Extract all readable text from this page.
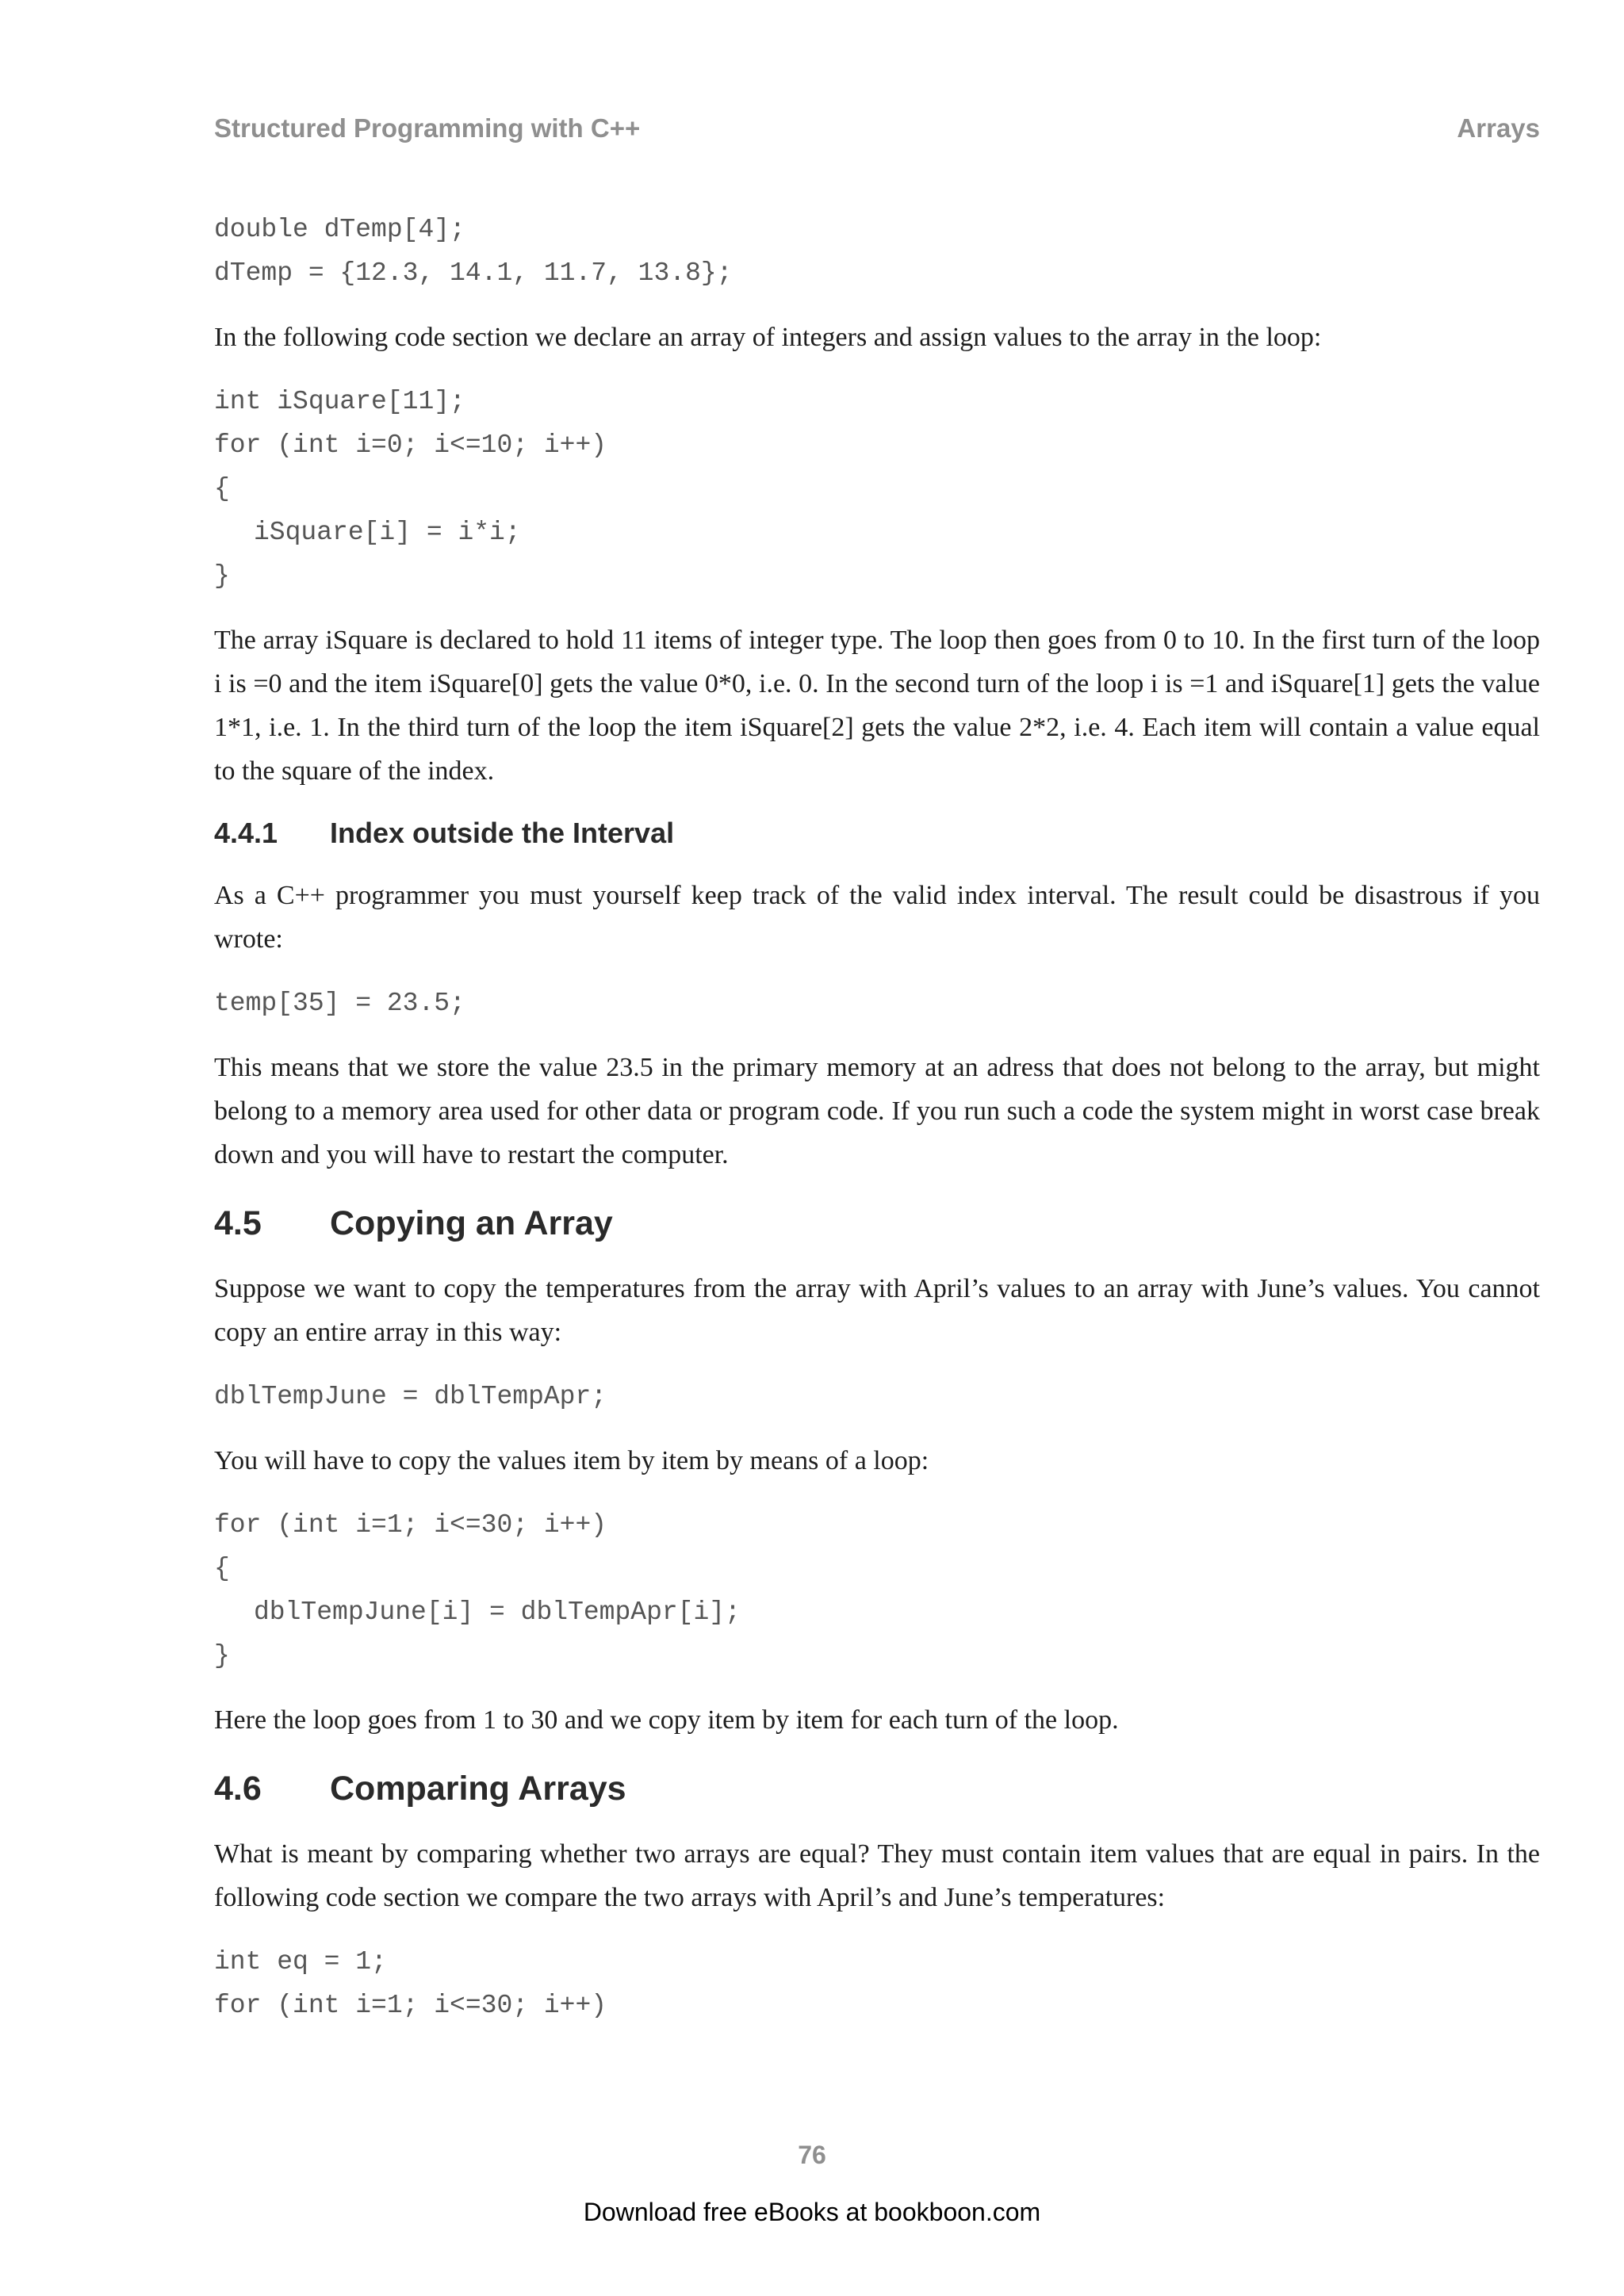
Structured Programming with C++	Arrays
double dTemp[4];
dTemp = {12.3, 14.1, 11.7, 13.8};

In the following code section we declare an array of integers and assign values to the array in the loop:

int iSquare[11];
for (int i=0; i<=10; i++)
{
iSquare[i] = i*i;
}

The array iSquare is declared to hold 11 items of integer type. The loop then goes from 0 to 10. In the first turn of the loop i is =0 and the item iSquare[0] gets the value 0*0, i.e. 0. In the second turn of the loop i is =1 and iSquare[1] gets the value 1*1, i.e. 1. In the third turn of the loop the item iSquare[2] gets the value 2*2, i.e. 4. Each item will contain a value equal to the square of the index.

4.4.1	Index outside the Interval

As a C++ programmer you must yourself keep track of the valid index interval. The result could be disastrous if you wrote:

temp[35] = 23.5;

This means that we store the value 23.5 in the primary memory at an adress that does not belong to the array, but might belong to a memory area used for other data or program code. If you run such a code the system might in worst case break down and you will have to restart the computer.

4.5	Copying an Array

Suppose we want to copy the temperatures from the array with April’s values to an array with June’s values. You cannot copy an entire array in this way:

dblTempJune = dblTempApr;

You will have to copy the values item by item by means of a loop:

for (int i=1; i<=30; i++)
{
dblTempJune[i] = dblTempApr[i];
}

Here the loop goes from 1 to 30 and we copy item by item for each turn of the loop.

4.6	Comparing Arrays

What is meant by comparing whether two arrays are equal? They must contain item values that are equal in pairs. In the following code section we compare the two arrays with April’s and June’s temperatures:

int eq = 1;
for (int i=1; i<=30; i++)
76
Download free eBooks at bookboon.com
